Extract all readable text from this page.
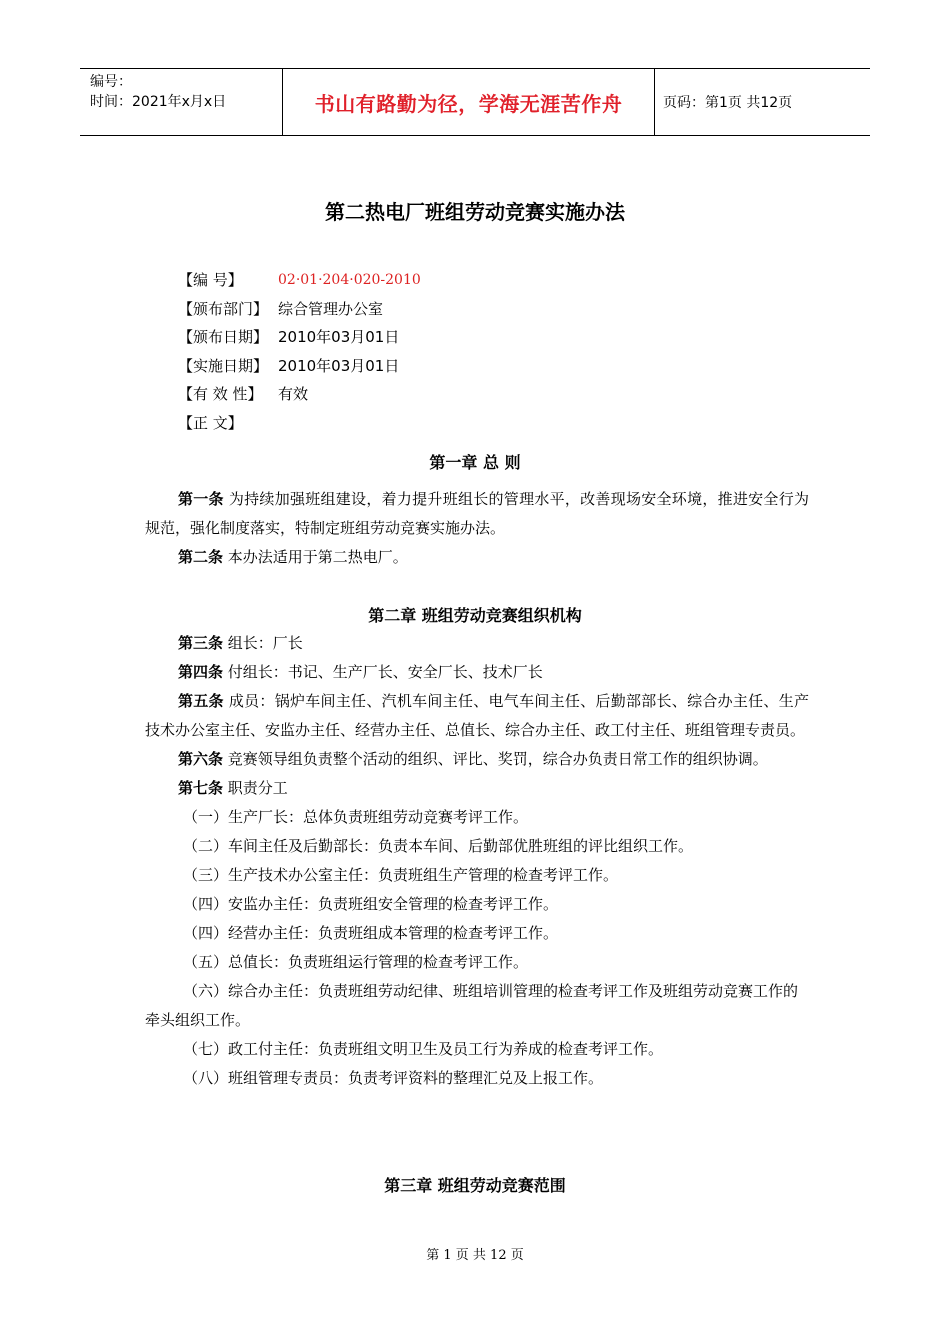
编号：
时间：2021年x月x日	书山有路勤为径，学海无涯苦作舟	页码：第1页 共12页
第二热电厂班组劳动竞赛实施办法
【编 号】	02·01·204·020-2010
【颁布部门】 综合管理办公室
【颁布日期】 2010年03月01日
【实施日期】 2010年03月01日
【有 效 性】	有效
【正 文】
第一章 总 则

第一条 为持续加强班组建设，着力提升班组长的管理水平，改善现场安全环境，推进安全行为规范，强化制度落实，特制定班组劳动竞赛实施办法。

第二条 本办法适用于第二热电厂。

第二章 班组劳动竞赛组织机构

第三条 组长：厂长

第四条 付组长：书记、生产厂长、安全厂长、技术厂长

第五条 成员：锅炉车间主任、汽机车间主任、电气车间主任、后勤部部长、综合办主任、生产技术办公室主任、安监办主任、经营办主任、总值长、综合办主任、政工付主任、班组管理专责员。

第六条 竞赛领导组负责整个活动的组织、评比、奖罚，综合办负责日常工作的组织协调。

第七条 职责分工

（一）生产厂长：总体负责班组劳动竞赛考评工作。

（二）车间主任及后勤部长：负责本车间、后勤部优胜班组的评比组织工作。

（三）生产技术办公室主任：负责班组生产管理的检查考评工作。

（四）安监办主任：负责班组安全管理的检查考评工作。

（四）经营办主任：负责班组成本管理的检查考评工作。

（五）总值长：负责班组运行管理的检查考评工作。

（六）综合办主任：负责班组劳动纪律、班组培训管理的检查考评工作及班组劳动竞赛工作的牵头组织工作。

（七）政工付主任：负责班组文明卫生及员工行为养成的检查考评工作。

（八）班组管理专责员：负责考评资料的整理汇兑及上报工作。

第三章 班组劳动竞赛范围
第 1 页 共 12 页
